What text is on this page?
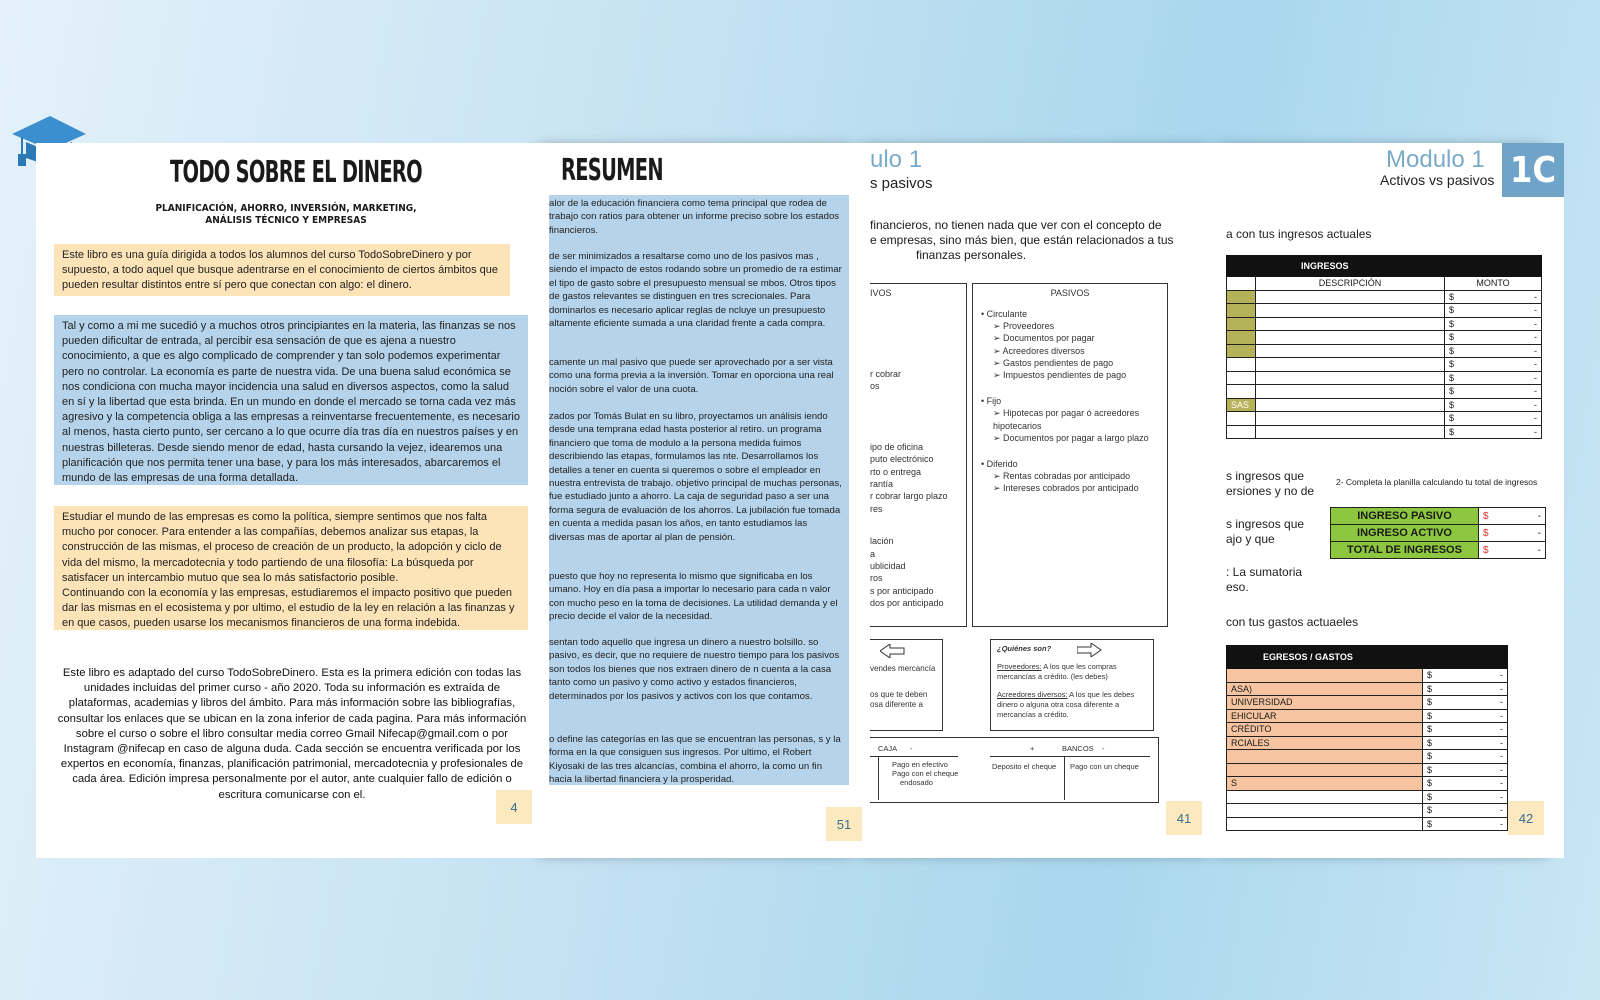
TODO SOBRE EL DINERO
PLANIFICACIÓN, AHORRO, INVERSIÓN, MARKETING,
ANÁLISIS TÉCNICO Y EMPRESAS
Este libro es una guía dirigida a todos los alumnos del curso TodoSobreDinero y por supuesto, a todo aquel que busque adentrarse en el conocimiento de ciertos ámbitos que pueden resultar distintos entre sí pero que conectan con algo: el dinero.
Tal y como a mi me sucedió y a muchos otros principiantes en la materia, las finanzas se nos pueden dificultar de entrada, al percibir esa sensación de que es ajena a nuestro conocimiento, a que es algo complicado de comprender y tan solo podemos experimentar pero no controlar. La economía es parte de nuestra vida. De una buena salud económica se nos condiciona con mucha mayor incidencia una salud en diversos aspectos, como la salud en sí y la libertad que esta brinda. En un mundo en donde el mercado se torna cada vez más agresivo y la competencia obliga a las empresas a reinventarse frecuentemente, es necesario al menos, hasta cierto punto, ser cercano a lo que ocurre día tras día en nuestros países y en nuestras billeteras. Desde siendo menor de edad, hasta cursando la vejez, idearemos una planificación que nos permita tener una base, y para los más interesados, abarcaremos el mundo de las empresas de una forma detallada.
Estudiar el mundo de las empresas es como la política, siempre sentimos que nos falta mucho por conocer. Para entender a las compañías, debemos analizar sus etapas, la construcción de las mismas, el proceso de creación de un producto, la adopción y ciclo de vida del mismo, la mercadotecnia y todo partiendo de una filosofía: La búsqueda por satisfacer un intercambio mutuo que sea lo más satisfactorio posible.
Continuando con la economía y las empresas, estudiaremos el impacto positivo que pueden dar las mismas en el ecosistema y por ultimo, el estudio de la ley en relación a las finanzas y en que casos, pueden usarse los mecanismos financieros de una forma indebida.
Este libro es adaptado del curso TodoSobreDinero. Esta es la primera edición con todas las unidades incluidas del primer curso - año 2020. Toda su información es extraída de plataformas, academias y libros del ámbito. Para más información sobre las bibliografías, consultar los enlaces que se ubican en la zona inferior de cada pagina. Para más información sobre el curso o sobre el libro consultar media correo Gmail Nifecap@gmail.com o por Instagram @nifecap en caso de alguna duda. Cada sección se encuentra verificada por los expertos en economía, finanzas, planificación patrimonial, mercadotecnia y profesionales de cada área. Edición impresa personalmente por el autor, ante cualquier fallo de edición o escritura comunicarse con el.
4
RESUMEN
alor de la educación financiera como tema principal que rodea de trabajo con ratios para obtener un informe preciso sobre los estados financieros.
de ser minimizados a resaltarse como uno de los pasivos mas , siendo el impacto de estos rodando sobre un promedio de ra estimar el tipo de gasto sobre el presupuesto mensual se mbos. Otros tipos de gastos relevantes se distinguen en tres screcionales. Para dominarlos es necesario aplicar reglas de ncluye un presupuesto altamente eficiente sumada a una claridad frente a cada compra.
camente un mal pasivo que puede ser aprovechado por a ser vista como una forma previa a la inversión. Tomar en oporciona una real noción sobre el valor de una cuota.
zados por Tomás Bulat en su libro, proyectamos un análisis iendo desde una temprana edad hasta posterior al retiro. un programa financiero que toma de modulo a la persona medida fuimos describiendo las etapas, formulamos las nte. Desarrollamos los detalles a tener en cuenta si queremos o sobre el empleador en nuestra entrevista de trabajo. objetivo principal de muchas personas, fue estudiado junto a ahorro. La caja de seguridad paso a ser una forma segura de evaluación de los ahorros. La jubilación fue tomada en cuenta a medida pasan los años, en tanto estudiamos las diversas mas de aportar al plan de pensión.
puesto que hoy no representa lo mismo que significaba en los umano. Hoy en día pasa a importar lo necesario para cada n valor con mucho peso en la toma de decisiones. La utilidad demanda y el precio decide el valor de la necesidad.
sentan todo aquello que ingresa un dinero a nuestro bolsillo. so pasivo, es decir, que no requiere de nuestro tiempo para los pasivos son todos los bienes que nos extraen dinero de n cuenta a la casa tanto como un pasivo y como activo y estados financieros, determinados por los pasivos y activos con los que contamos.
o define las categorías en las que se encuentran las personas, s y la forma en la que consiguen sus ingresos. Por ultimo, el Robert Kiyosaki de las tres alcancías, combina el ahorro, la como un fin hacia la libertad financiera y la prosperidad.
51
ulo 1
s pasivos
financieros, no tienen nada que ver con el concepto de
e empresas, sino más bien, que están relacionados a tus
finanzas personales.
IVOS
r cobrar
os
ipo de oficina
puto electrónico
rto o entrega
rantía
r cobrar largo plazo
res
lación
a
ublicidad
ros
s por anticipado
dos por anticipado
PASIVOS
• Circulante
➢ Proveedores
➢ Documentos por pagar
➢ Acreedores diversos
➢ Gastos pendientes de pago
➢ Impuestos pendientes de pago
• Fijo
➢ Hipotecas por pagar ó acreedores hipotecarios
➢ Documentos por pagar a largo plazo
• Diferido
➢ Rentas cobradas por anticipado
➢ Intereses cobrados por anticipado
vendes mercancía
os que te deben
osa diferente a
¿Quiénes son?
Proveedores: A los que les compras mercancías a crédito. (les debes)
Acreedores diversos: A los que les debes dinero o alguna otra cosa diferente a mercancías a crédito.
CAJA -
Pago en efectivo
Pago con el cheque
endosado
+	BANCOS -
Deposito el cheque Pago con un cheque
41
Modulo 1
Activos vs pasivos 1C
a con tus ingresos actuales
INGRESOS		
	DESCRIPCIÓN	MONTO
		$ -

		$ -

		$ -

		$ -

		$ -

		$ -

		$ -

		$ -

SAS		$ -

		$ -

		$ -
s ingresos que
ersiones y no de
s ingresos que
ajo y que
: La sumatoria
eso.
2- Completa la planilla calculando tu total de ingresos
INGRESO PASIVO	$ -

INGRESO ACTIVO	$ -

TOTAL DE INGRESOS	$ -
con tus gastos actuaeles
EGRESOS / GASTOS	
	$ -

ASA)	$ -

UNIVERSIDAD	$ -

EHICULAR	$ -

CRÉDITO	$ -

RCIALES	$ -

	$ -

	$ -

S	$ -

	$ -

	$ -

	$ -	42
